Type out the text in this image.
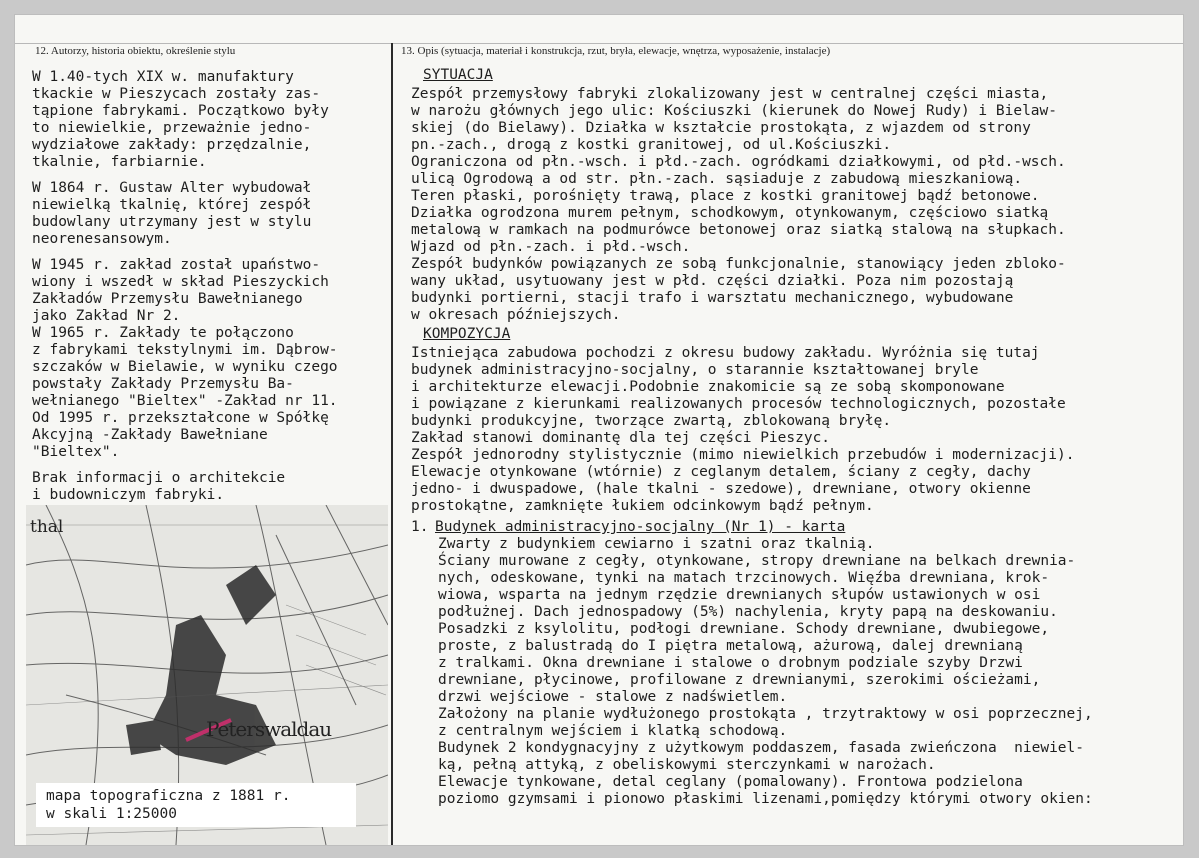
12. Autorzy, historia obiektu, określenie stylu	13. Opis (sytuacja, materiał i konstrukcja, rzut, bryła, elewacje, wnętrza, wyposażenie, instalacje)

W 1.40-tych XIX w. manufaktury
tkackie w Pieszycach zostały zas-
tąpione fabrykami. Początkowo były
to niewielkie, przeważnie jedno-
wydziałowe zakłady: przędzalnie,
tkalnie, farbiarnie.

W 1864 r. Gustaw Alter wybudował
niewielką tkalnię, której zespół
budowlany utrzymany jest w stylu
neorenesansowym.

W 1945 r. zakład został upaństwo-
wiony i wszedł w skład Pieszyckich
Zakładów Przemysłu Bawełnianego
jako Zakład Nr 2.
W 1965 r. Zakłady te połączono
z fabrykami tekstylnymi im. Dąbrow-
szczaków w Bielawie, w wyniku czego
powstały Zakłady Przemysłu Ba-
wełnianego "Bieltex" -Zakład nr 11.
Od 1995 r. przekształcone w Spółkę
Akcyjną -Zakłady Bawełniane
"Bieltex".

Brak informacji o architekcie
i budowniczym fabryki.

thal
Peterswaldau
mapa topograficzna z 1881 r.
w skali 1:25000
SYTUACJA
Zespół przemysłowy fabryki zlokalizowany jest w centralnej części miasta,
w narożu głównych jego ulic: Kościuszki (kierunek do Nowej Rudy) i Bielaw-
skiej (do Bielawy). Działka w kształcie prostokąta, z wjazdem od strony
pn.-zach., drogą z kostki granitowej, od ul.Kościuszki.
Ograniczona od płn.-wsch. i płd.-zach. ogródkami działkowymi, od płd.-wsch.
ulicą Ogrodową a od str. płn.-zach. sąsiaduje z zabudową mieszkaniową.
Teren płaski, porośnięty trawą, place z kostki granitowej bądź betonowe.
Działka ogrodzona murem pełnym, schodkowym, otynkowanym, częściowo siatką
metalową w ramkach na podmurówce betonowej oraz siatką stalową na słupkach.
Wjazd od płn.-zach. i płd.-wsch.
Zespół budynków powiązanych ze sobą funkcjonalnie, stanowiący jeden zbloko-
wany układ, usytuowany jest w płd. części działki. Poza nim pozostają
budynki portierni, stacji trafo i warsztatu mechanicznego, wybudowane
w okresach późniejszych.
KOMPOZYCJA
Istniejąca zabudowa pochodzi z okresu budowy zakładu. Wyróżnia się tutaj
budynek administracyjno-socjalny, o starannie kształtowanej bryle
i architekturze elewacji.Podobnie znakomicie są ze sobą skomponowane
i powiązane z kierunkami realizowanych procesów technologicznych, pozostałe
budynki produkcyjne, tworzące zwartą, zblokowaną bryłę.
Zakład stanowi dominantę dla tej części Pieszyc.
Zespół jednorodny stylistycznie (mimo niewielkich przebudów i modernizacji).
Elewacje otynkowane (wtórnie) z ceglanym detalem, ściany z cegły, dachy
jedno- i dwuspadowe, (hale tkalni - szedowe), drewniane, otwory okienne
prostokątne, zamknięte łukiem odcinkowym bądź pełnym.
1. Budynek administracyjno-socjalny (Nr 1) - karta
Zwarty z budynkiem cewiarno i szatni oraz tkalnią.
Ściany murowane z cegły, otynkowane, stropy drewniane na belkach drewnia-
nych, odeskowane, tynki na matach trzcinowych. Więźba drewniana, krok-
wiowa, wsparta na jednym rzędzie drewnianych słupów ustawionych w osi
podłużnej. Dach jednospadowy (5%) nachylenia, kryty papą na deskowaniu.
Posadzki z ksylolitu, podłogi drewniane. Schody drewniane, dwubiegowe,
proste, z balustradą do I piętra metalową, ażurową, dalej drewnianą
z tralkami. Okna drewniane i stalowe o drobnym podziale szyby Drzwi
drewniane, płycinowe, profilowane z drewnianymi, szerokimi ościeżami,
drzwi wejściowe - stalowe z nadświetlem.
Założony na planie wydłużonego prostokąta , trzytraktowy w osi poprzecznej,
z centralnym wejściem i klatką schodową.
Budynek 2 kondygnacyjny z użytkowym poddaszem, fasada zwieńczona  niewiel-
ką, pełną attyką, z obeliskowymi sterczynkami w narożach.
Elewacje tynkowane, detal ceglany (pomalowany). Frontowa podzielona
poziomo gzymsami i pionowo płaskimi lizenami,pomiędzy którymi otwory okien:
